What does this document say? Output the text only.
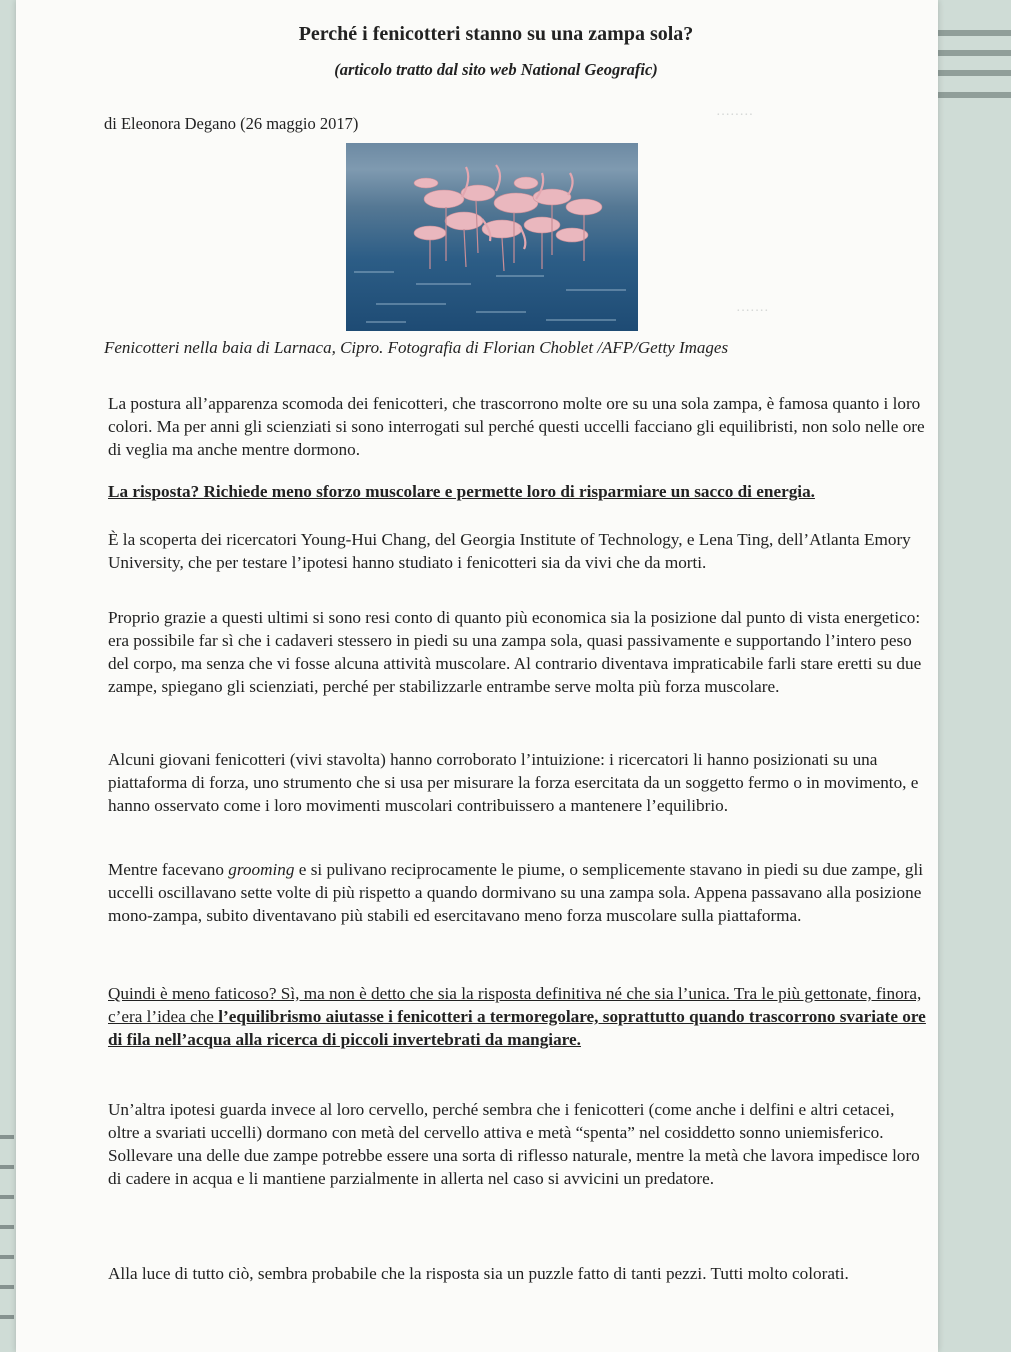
Perché i fenicotteri stanno su una zampa sola?
(articolo tratto dal sito web National Geografic)
di Eleonora Degano (26 maggio 2017)
Fenicotteri nella baia di Larnaca, Cipro. Fotografia di Florian Choblet /AFP/Getty Images
·······
········

La postura all’apparenza scomoda dei fenicotteri, che trascorrono molte ore su una sola zampa, è famosa quanto i loro colori. Ma per anni gli scienziati si sono interrogati sul perché questi uccelli facciano gli equilibristi, non solo nelle ore di veglia ma anche mentre dormono.

La risposta? Richiede meno sforzo muscolare e permette loro di risparmiare un sacco di energia.

È la scoperta dei ricercatori Young-Hui Chang, del Georgia Institute of Technology, e Lena Ting, dell’Atlanta Emory University, che per testare l’ipotesi hanno studiato i fenicotteri sia da vivi che da morti.

Proprio grazie a questi ultimi si sono resi conto di quanto più economica sia la posizione dal punto di vista energetico: era possibile far sì che i cadaveri stessero in piedi su una zampa sola, quasi passivamente e supportando l’intero peso del corpo, ma senza che vi fosse alcuna attività muscolare. Al contrario diventava impraticabile farli stare eretti su due zampe, spiegano gli scienziati, perché per stabilizzarle entrambe serve molta più forza muscolare.

Alcuni giovani fenicotteri (vivi stavolta) hanno corroborato l’intuizione: i ricercatori li hanno posizionati su una piattaforma di forza, uno strumento che si usa per misurare la forza esercitata da un soggetto fermo o in movimento, e hanno osservato come i loro movimenti muscolari contribuissero a mantenere l’equilibrio.

Mentre facevano grooming e si pulivano reciprocamente le piume, o semplicemente stavano in piedi su due zampe, gli uccelli oscillavano sette volte di più rispetto a quando dormivano su una zampa sola. Appena passavano alla posizione mono-zampa, subito diventavano più stabili ed esercitavano meno forza muscolare sulla piattaforma.

Quindi è meno faticoso? Sì, ma non è detto che sia la risposta definitiva né che sia l’unica. Tra le più gettonate, finora, c’era l’idea che l’equilibrismo aiutasse i fenicotteri a termoregolare, soprattutto quando trascorrono svariate ore di fila nell’acqua alla ricerca di piccoli invertebrati da mangiare.

Un’altra ipotesi guarda invece al loro cervello, perché sembra che i fenicotteri (come anche i delfini e altri cetacei, oltre a svariati uccelli) dormano con metà del cervello attiva e metà “spenta” nel cosiddetto sonno uniemisferico. Sollevare una delle due zampe potrebbe essere una sorta di riflesso naturale, mentre la metà che lavora impedisce loro di cadere in acqua e li mantiene parzialmente in allerta nel caso si avvicini un predatore.

Alla luce di tutto ciò, sembra probabile che la risposta sia un puzzle fatto di tanti pezzi. Tutti molto colorati.
